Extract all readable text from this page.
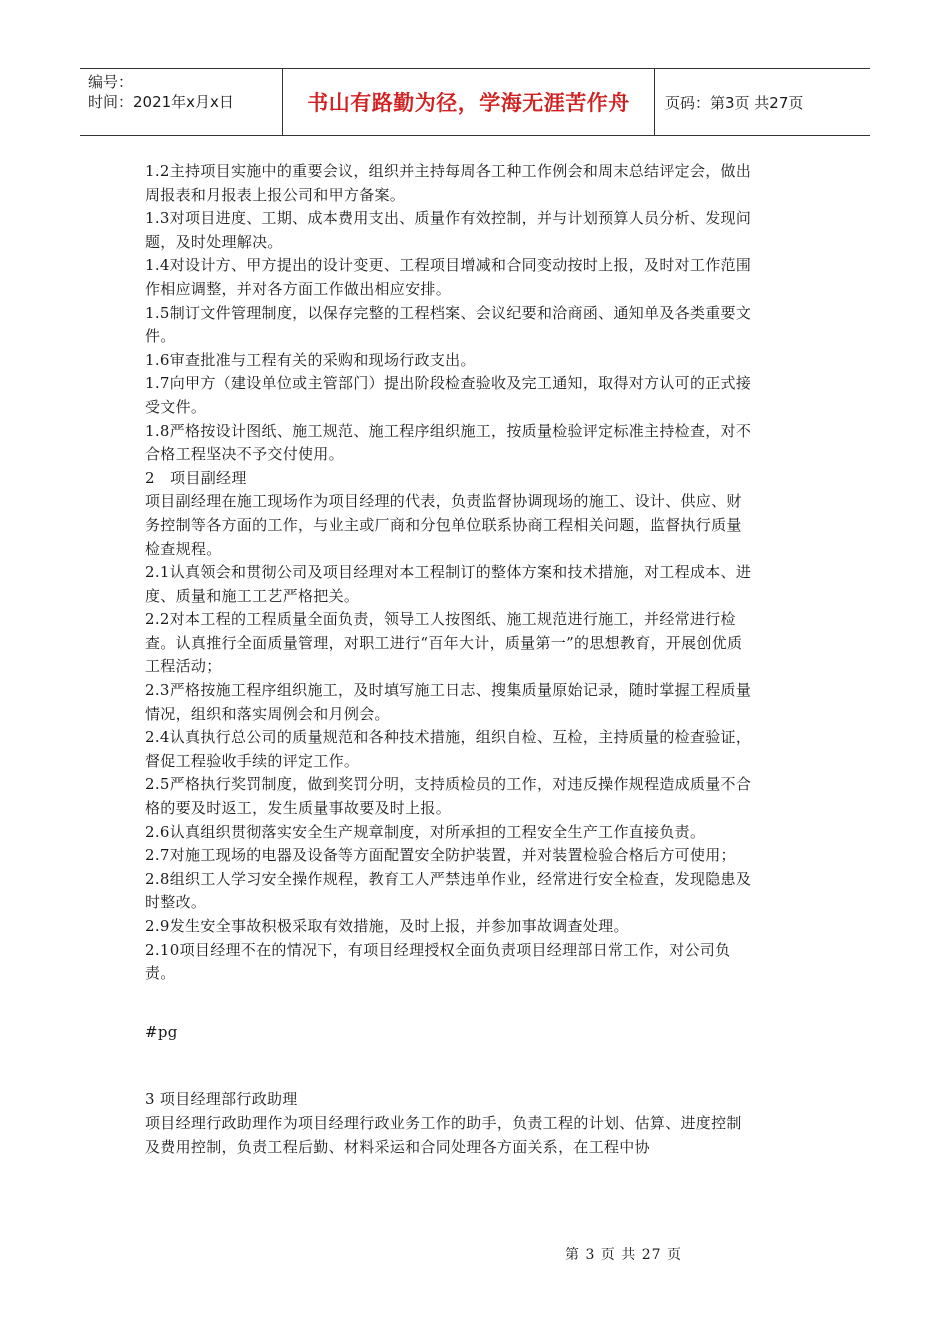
编号：
时间：2021年x月x日	书山有路勤为径，学海无涯苦作舟	页码：第3页 共27页

1.2主持项目实施中的重要会议，组织并主持每周各工种工作例会和周末总结评定会，做出周报表和月报表上报公司和甲方备案。

1.3对项目进度、工期、成本费用支出、质量作有效控制，并与计划预算人员分析、发现问题，及时处理解决。

1.4对设计方、甲方提出的设计变更、工程项目增减和合同变动按时上报，及时对工作范围作相应调整，并对各方面工作做出相应安排。

1.5制订文件管理制度，以保存完整的工程档案、会议纪要和洽商函、通知单及各类重要文件。

1.6审查批准与工程有关的采购和现场行政支出。

1.7向甲方（建设单位或主管部门）提出阶段检查验收及完工通知，取得对方认可的正式接受文件。

1.8严格按设计图纸、施工规范、施工程序组织施工，按质量检验评定标准主持检查，对不合格工程坚决不予交付使用。

2　项目副经理

项目副经理在施工现场作为项目经理的代表，负责监督协调现场的施工、设计、供应、财务控制等各方面的工作，与业主或厂商和分包单位联系协商工程相关问题，监督执行质量检查规程。

2.1认真领会和贯彻公司及项目经理对本工程制订的整体方案和技术措施，对工程成本、进度、质量和施工工艺严格把关。

2.2对本工程的工程质量全面负责，领导工人按图纸、施工规范进行施工，并经常进行检查。认真推行全面质量管理，对职工进行“百年大计，质量第一”的思想教育，开展创优质工程活动；

2.3严格按施工程序组织施工，及时填写施工日志、搜集质量原始记录，随时掌握工程质量情况，组织和落实周例会和月例会。

2.4认真执行总公司的质量规范和各种技术措施，组织自检、互检，主持质量的检查验证，督促工程验收手续的评定工作。

2.5严格执行奖罚制度，做到奖罚分明，支持质检员的工作，对违反操作规程造成质量不合格的要及时返工，发生质量事故要及时上报。

2.6认真组织贯彻落实安全生产规章制度，对所承担的工程安全生产工作直接负责。

2.7对施工现场的电器及设备等方面配置安全防护装置，并对装置检验合格后方可使用；

2.8组织工人学习安全操作规程，教育工人严禁违单作业，经常进行安全检查，发现隐患及时整改。

2.9发生安全事故积极采取有效措施，及时上报，并参加事故调查处理。

2.10项目经理不在的情况下，有项目经理授权全面负责项目经理部日常工作，对公司负责。

#pg

3 项目经理部行政助理

项目经理行政助理作为项目经理行政业务工作的助手，负责工程的计划、估算、进度控制及费用控制，负责工程后勤、材料采运和合同处理各方面关系，在工程中协

第 3 页 共 27 页
